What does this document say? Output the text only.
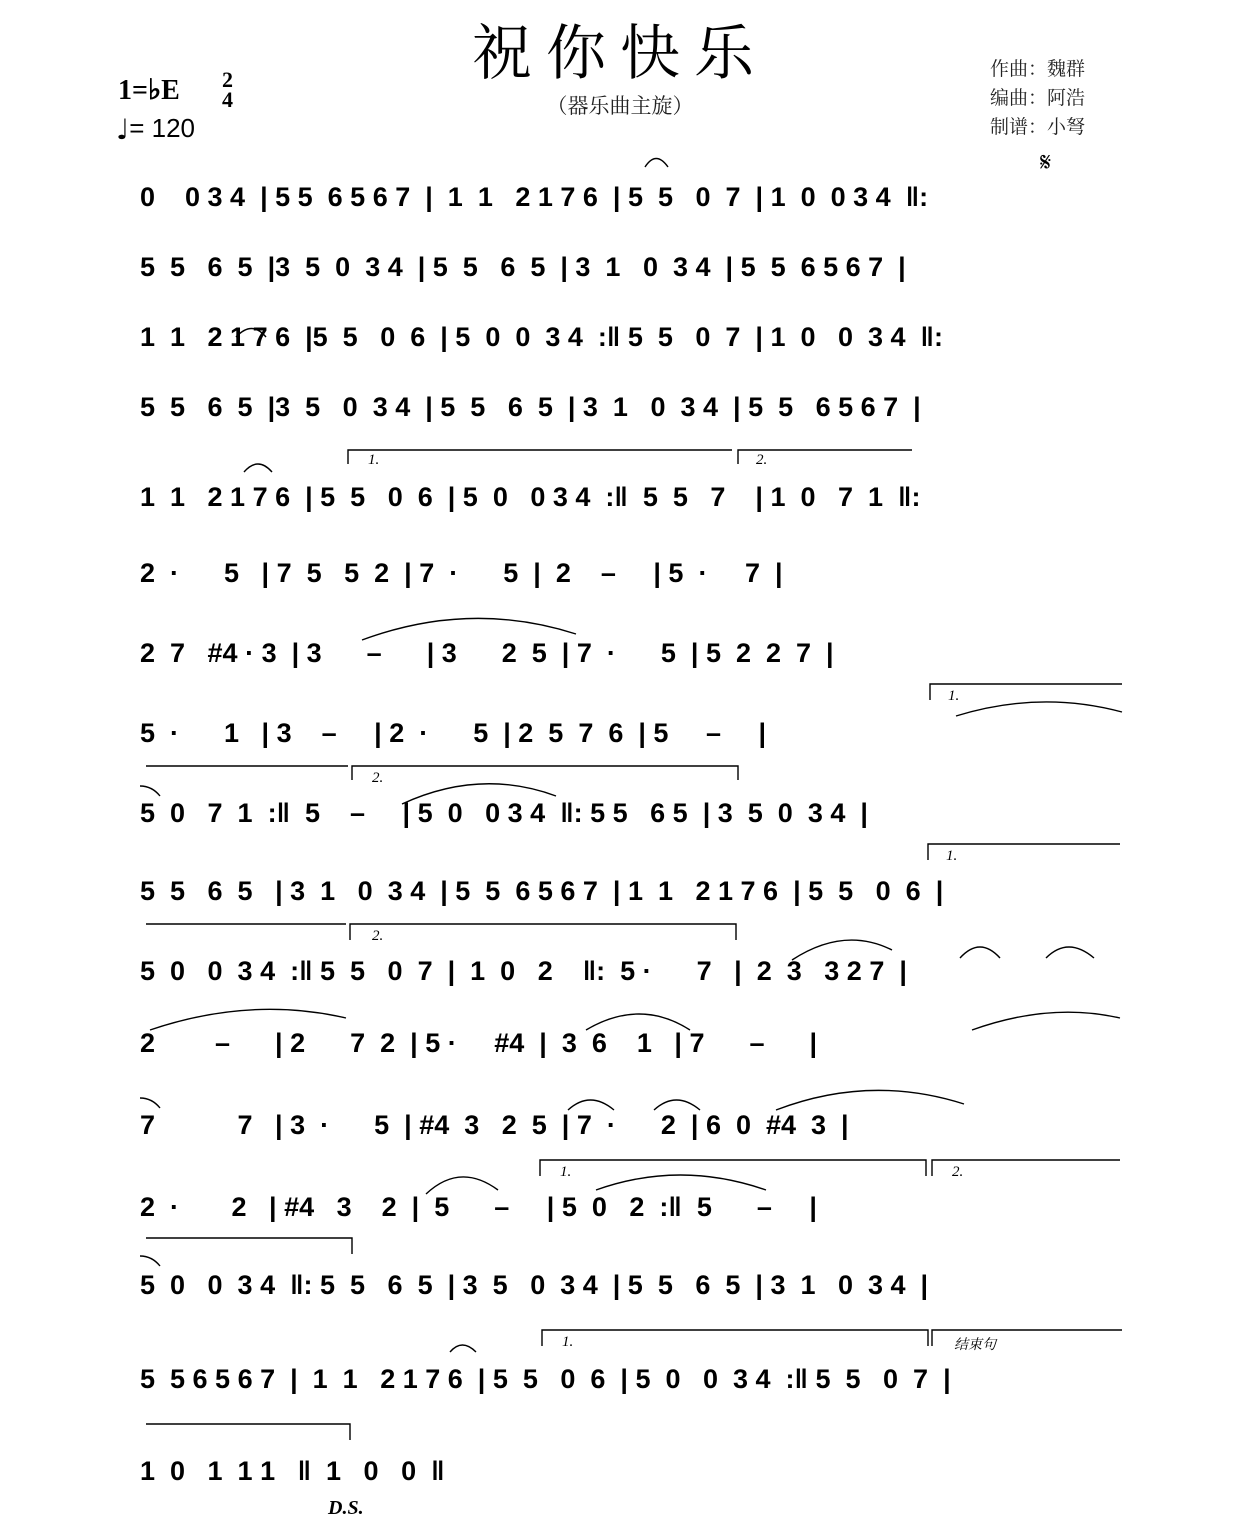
祝你快乐
（器乐曲主旋）
作曲：魏群
编曲：阿浩
制谱：小弩
1=♭E 2
4
♩= 120
𝄋
1.	2.
1.
2.
1.
2.
1.	2.
1.	结束句
0    0 3 4  | 5 5  6 5 6 7  |  1  1   2 1 7 6  | 5  5   0  7  | 1  0  0 3 4  ‖:
5  5   6  5  |3  5  0  3 4  | 5  5   6  5  | 3  1   0  3 4  | 5  5  6 5 6 7  |
1  1   2 1 7 6  |5  5   0  6  | 5  0  0  3 4  :‖ 5  5   0  7  | 1  0   0  3 4  ‖:
5  5   6  5  |3  5   0  3 4  | 5  5   6  5  | 3  1   0  3 4  | 5  5   6 5 6 7  |
1  1   2 1 7 6  | 5  5   0  6  | 5  0   0 3 4  :‖  5  5   7    | 1  0   7  1  ‖:
2  ·      5   | 7  5   5  2  | 7  ·      5  |  2    –     | 5  ·     7  |
2  7   #4 · 3  | 3      –      | 3      2  5  | 7  ·      5  | 5  2  2  7  |
5  ·      1   | 3    –     | 2  ·      5  | 2  5  7  6  | 5     –     |
5  0   7  1  :‖  5    –     | 5  0   0 3 4  ‖: 5 5   6 5  | 3  5  0  3 4  |
5  5   6  5   | 3  1   0  3 4  | 5  5  6 5 6 7  | 1  1   2 1 7 6  | 5  5   0  6  |
5  0   0  3 4  :‖ 5  5   0  7  |  1  0   2    ‖:  5 ·      7   |  2  3   3 2 7  |
2        –      | 2      7  2  | 5 ·     #4  |  3  6    1   | 7      –      |
7           7   | 3  ·      5  | #4  3   2  5  | 7  ·      2  | 6  0  #4  3  |
2  ·       2   | #4   3    2  |  5      –     | 5  0   2  :‖  5      –     |
5  0   0  3 4  ‖: 5  5   6  5  | 3  5   0  3 4  | 5  5   6  5  | 3  1   0  3 4  |
5  5 6 5 6 7  |  1  1   2 1 7 6  | 5  5   0  6  | 5  0   0  3 4  :‖ 5  5   0  7  |
1  0   1  1 1   ‖  1   0   0  ‖
D.S.
